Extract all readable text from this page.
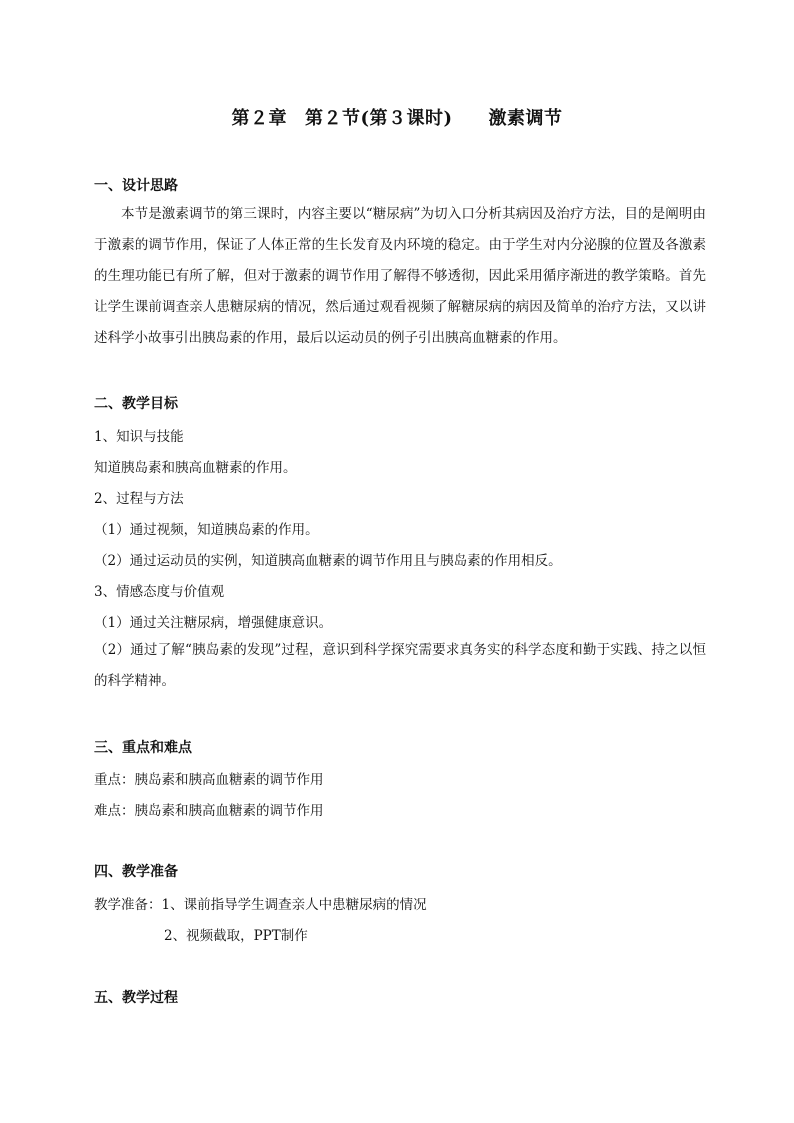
第２章 第２节(第３课时) 激素调节
一、设计思路
本节是激素调节的第三课时，内容主要以“糖尿病”为切入口分析其病因及治疗方法，目的是阐明由于激素的调节作用，保证了人体正常的生长发育及内环境的稳定。由于学生对内分泌腺的位置及各激素的生理功能已有所了解，但对于激素的调节作用了解得不够透彻，因此采用循序渐进的教学策略。首先让学生课前调查亲人患糖尿病的情况，然后通过观看视频了解糖尿病的病因及简单的治疗方法，又以讲述科学小故事引出胰岛素的作用，最后以运动员的例子引出胰高血糖素的作用。
二、教学目标
1、知识与技能
知道胰岛素和胰高血糖素的作用。
2、过程与方法
（1）通过视频，知道胰岛素的作用。
（2）通过运动员的实例，知道胰高血糖素的调节作用且与胰岛素的作用相反。
3、情感态度与价值观
（1）通过关注糖尿病，增强健康意识。
（2）通过了解“胰岛素的发现”过程，意识到科学探究需要求真务实的科学态度和勤于实践、持之以恒的科学精神。
三、重点和难点
重点：胰岛素和胰高血糖素的调节作用
难点：胰岛素和胰高血糖素的调节作用
四、教学准备
教学准备：1、课前指导学生调查亲人中患糖尿病的情况
2、视频截取，PPT制作
五、教学过程
